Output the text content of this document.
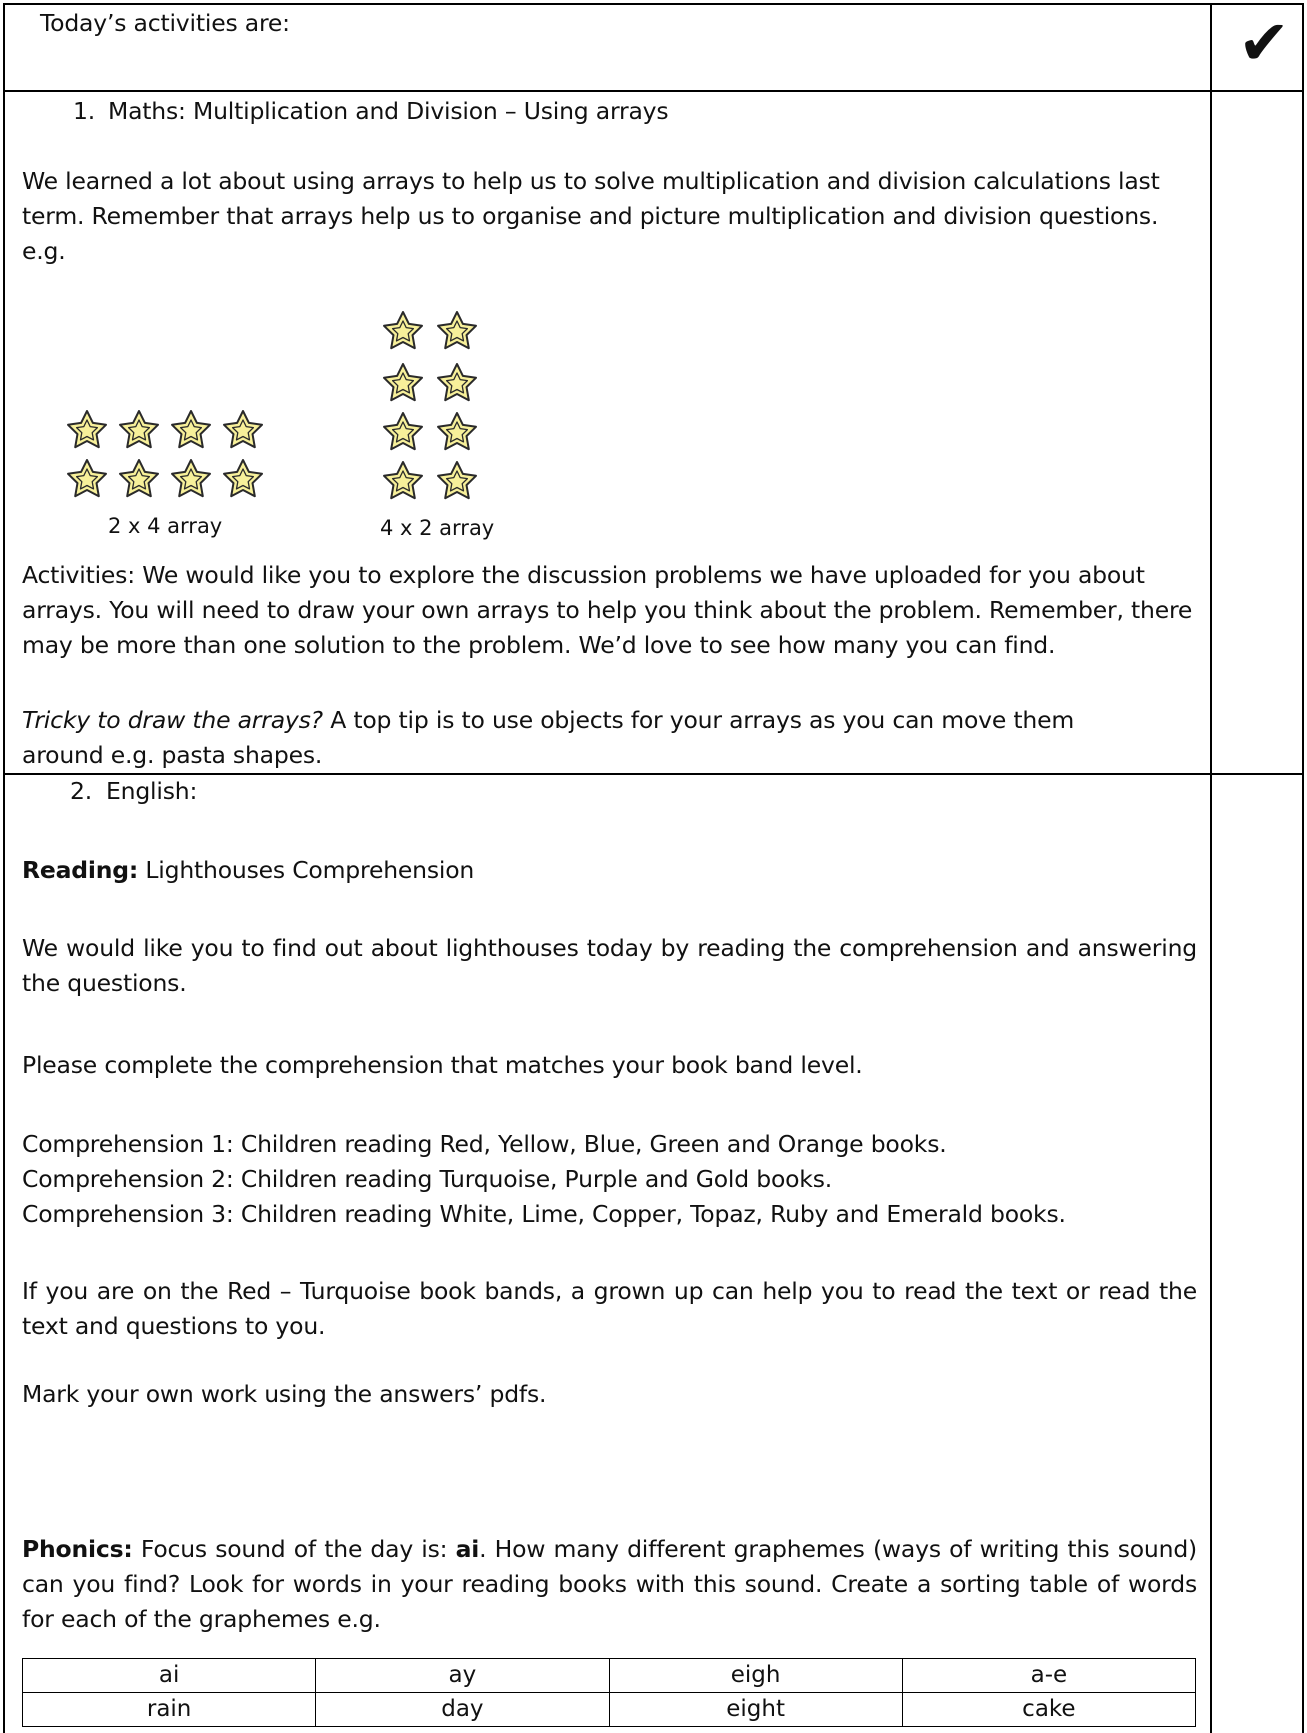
Today’s activities are:	✔
1. Maths: Multiplication and Division – Using arrays
We learned a lot about using arrays to help us to solve multiplication and division calculations last term. Remember that arrays help us to organise and picture multiplication and division questions. e.g.
2 x 4 array	4 x 2 array
Activities: We would like you to explore the discussion problems we have uploaded for you about arrays. You will need to draw your own arrays to help you think about the problem. Remember, there may be more than one solution to the problem. We’d love to see how many you can find.
Tricky to draw the arrays? A top tip is to use objects for your arrays as you can move them around e.g. pasta shapes.
2. English:
Reading: Lighthouses Comprehension
We would like you to find out about lighthouses today by reading the comprehension and answering the questions.
Please complete the comprehension that matches your book band level.
Comprehension 1: Children reading Red, Yellow, Blue, Green and Orange books.
Comprehension 2: Children reading Turquoise, Purple and Gold books.
Comprehension 3: Children reading White, Lime, Copper, Topaz, Ruby and Emerald books.
If you are on the Red – Turquoise book bands, a grown up can help you to read the text or read the text and questions to you.
Mark your own work using the answers’ pdfs.
Phonics: Focus sound of the day is: ai. How many different graphemes (ways of writing this sound) can you find? Look for words in your reading books with this sound. Create a sorting table of words for each of the graphemes e.g.
ai	ay	eigh	a-e
rain	day	eight	cake
